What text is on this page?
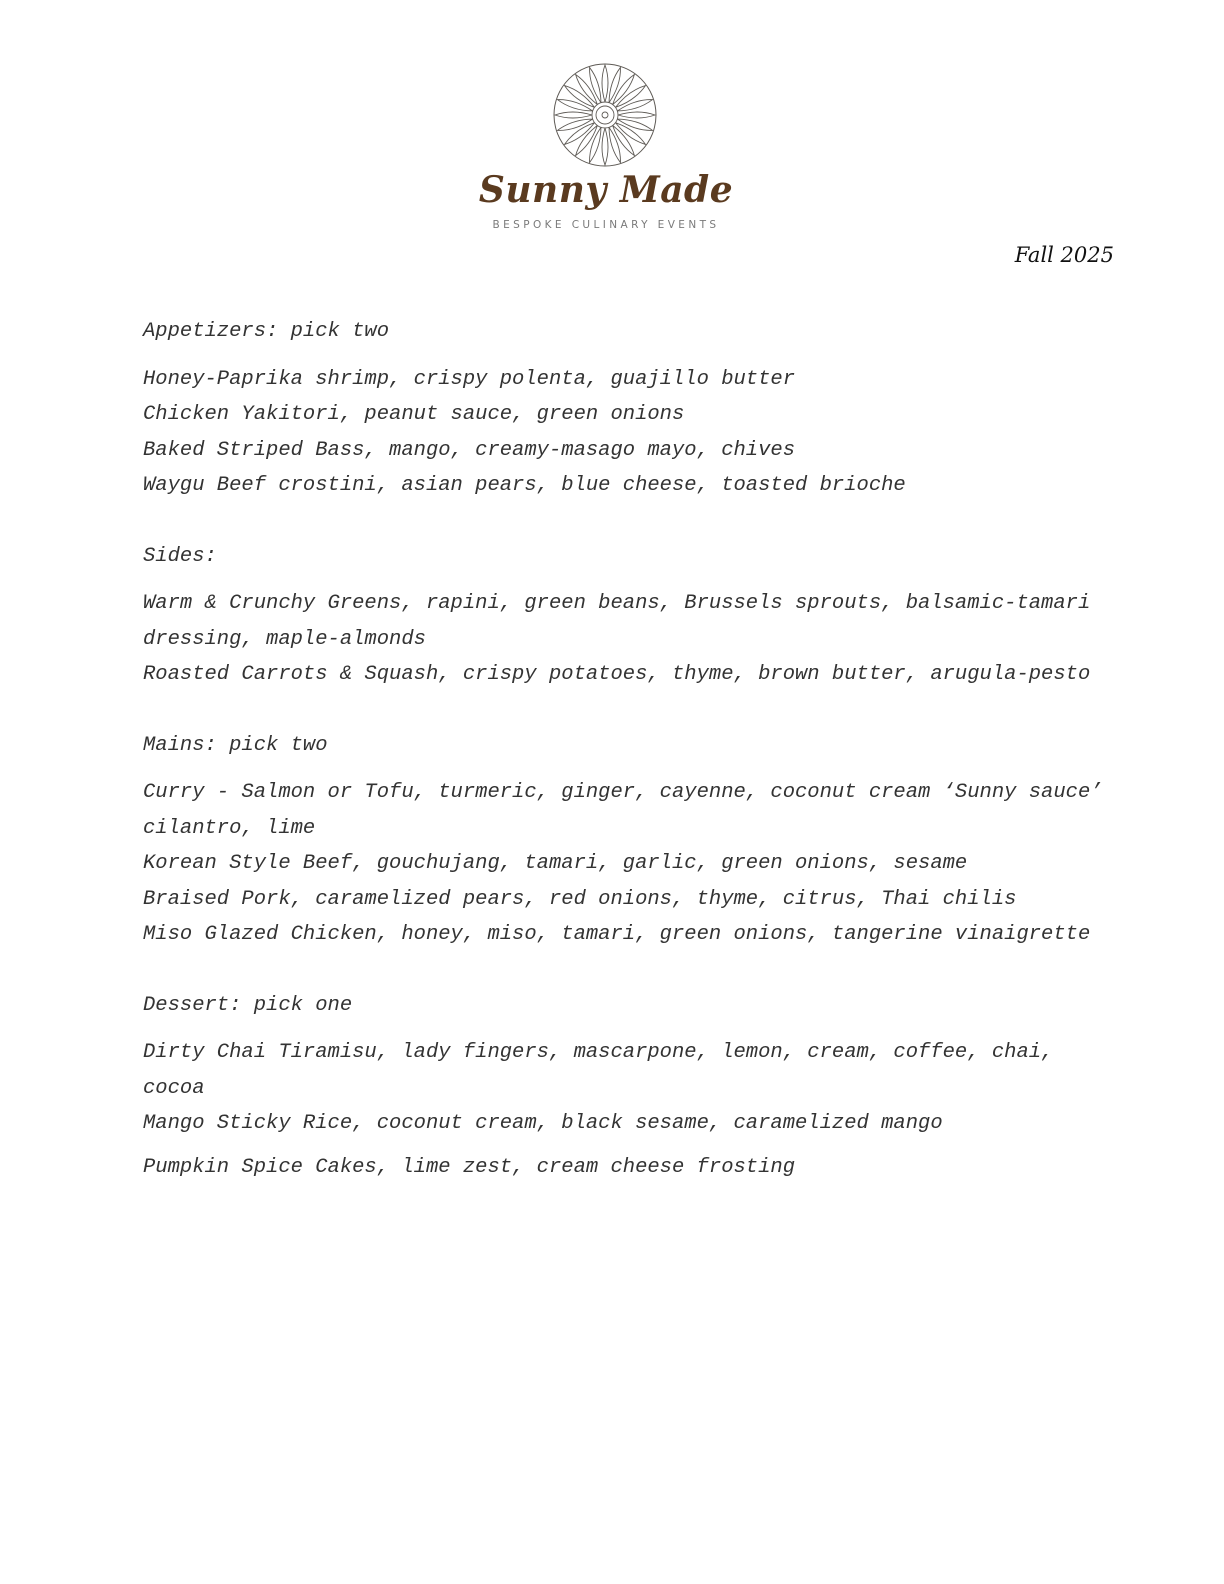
Sunny Made
BESPOKE CULINARY EVENTS
Fall 2025
Appetizers: pick two
Honey-Paprika shrimp, crispy polenta, guajillo butter
Chicken Yakitori, peanut sauce, green onions
Baked Striped Bass, mango, creamy-masago mayo, chives
Waygu Beef crostini, asian pears, blue cheese, toasted brioche
Sides:
Warm & Crunchy Greens, rapini, green beans, Brussels sprouts, balsamic-tamari dressing, maple-almonds
Roasted Carrots & Squash, crispy potatoes, thyme, brown butter, arugula-pesto
Mains: pick two
Curry - Salmon or Tofu, turmeric, ginger, cayenne, coconut cream ‘Sunny sauce’ cilantro, lime
Korean Style Beef, gouchujang, tamari, garlic, green onions, sesame
Braised Pork, caramelized pears, red onions, thyme, citrus, Thai chilis
Miso Glazed Chicken, honey, miso, tamari, green onions, tangerine vinaigrette
Dessert: pick one
Dirty Chai Tiramisu, lady fingers, mascarpone, lemon, cream, coffee, chai, cocoa
Mango Sticky Rice, coconut cream, black sesame, caramelized mango
Pumpkin Spice Cakes, lime zest, cream cheese frosting
